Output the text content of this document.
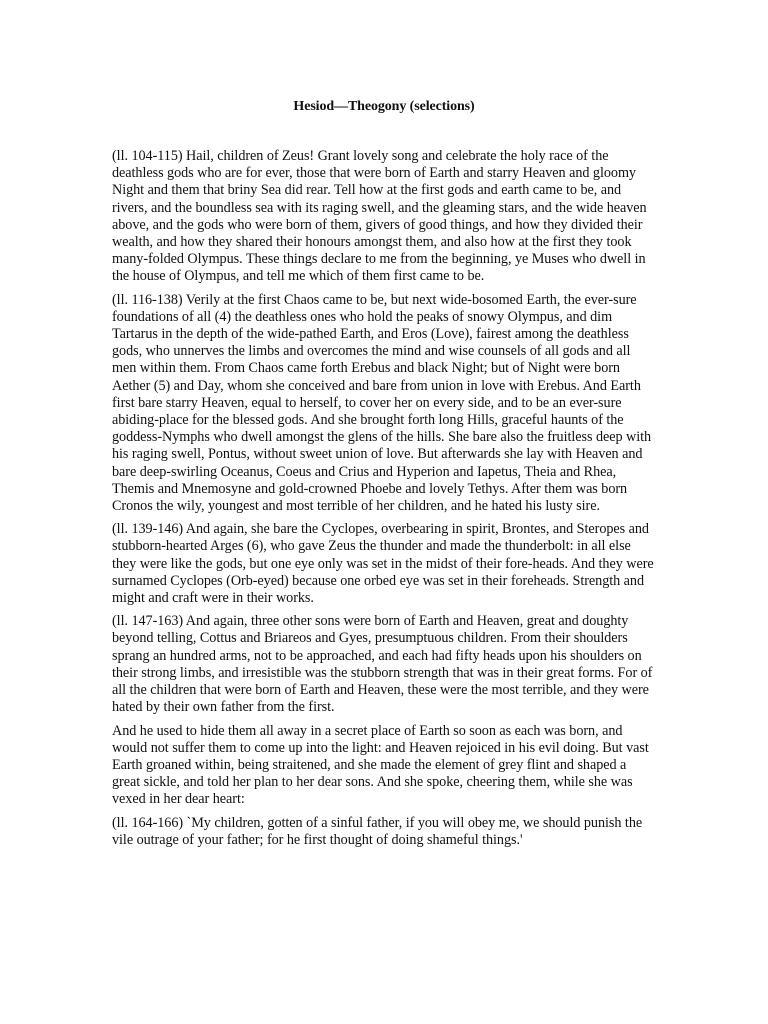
Hesiod—Theogony (selections)

(ll. 104-115) Hail, children of Zeus! Grant lovely song and celebrate the holy race of the deathless gods who are for ever, those that were born of Earth and starry Heaven and gloomy Night and them that briny Sea did rear. Tell how at the first gods and earth came to be, and rivers, and the boundless sea with its raging swell, and the gleaming stars, and the wide heaven above, and the gods who were born of them, givers of good things, and how they divided their wealth, and how they shared their honours amongst them, and also how at the first they took many-folded Olympus. These things declare to me from the beginning, ye Muses who dwell in the house of Olympus, and tell me which of them first came to be.

(ll. 116-138) Verily at the first Chaos came to be, but next wide-bosomed Earth, the ever-sure foundations of all (4) the deathless ones who hold the peaks of snowy Olympus, and dim Tartarus in the depth of the wide-pathed Earth, and Eros (Love), fairest among the deathless gods, who unnerves the limbs and overcomes the mind and wise counsels of all gods and all men within them. From Chaos came forth Erebus and black Night; but of Night were born Aether (5) and Day, whom she conceived and bare from union in love with Erebus. And Earth first bare starry Heaven, equal to herself, to cover her on every side, and to be an ever-sure abiding-place for the blessed gods. And she brought forth long Hills, graceful haunts of the goddess-Nymphs who dwell amongst the glens of the hills. She bare also the fruitless deep with his raging swell, Pontus, without sweet union of love. But afterwards she lay with Heaven and bare deep-swirling Oceanus, Coeus and Crius and Hyperion and Iapetus, Theia and Rhea, Themis and Mnemosyne and gold-crowned Phoebe and lovely Tethys. After them was born Cronos the wily, youngest and most terrible of her children, and he hated his lusty sire.

(ll. 139-146) And again, she bare the Cyclopes, overbearing in spirit, Brontes, and Steropes and stubborn-hearted Arges (6), who gave Zeus the thunder and made the thunderbolt: in all else they were like the gods, but one eye only was set in the midst of their fore-heads. And they were surnamed Cyclopes (Orb-eyed) because one orbed eye was set in their foreheads. Strength and might and craft were in their works.

(ll. 147-163) And again, three other sons were born of Earth and Heaven, great and doughty beyond telling, Cottus and Briareos and Gyes, presumptuous children. From their shoulders sprang an hundred arms, not to be approached, and each had fifty heads upon his shoulders on their strong limbs, and irresistible was the stubborn strength that was in their great forms. For of all the children that were born of Earth and Heaven, these were the most terrible, and they were hated by their own father from the first.

And he used to hide them all away in a secret place of Earth so soon as each was born, and would not suffer them to come up into the light: and Heaven rejoiced in his evil doing. But vast Earth groaned within, being straitened, and she made the element of grey flint and shaped a great sickle, and told her plan to her dear sons. And she spoke, cheering them, while she was vexed in her dear heart:

(ll. 164-166) `My children, gotten of a sinful father, if you will obey me, we should punish the vile outrage of your father; for he first thought of doing shameful things.'
